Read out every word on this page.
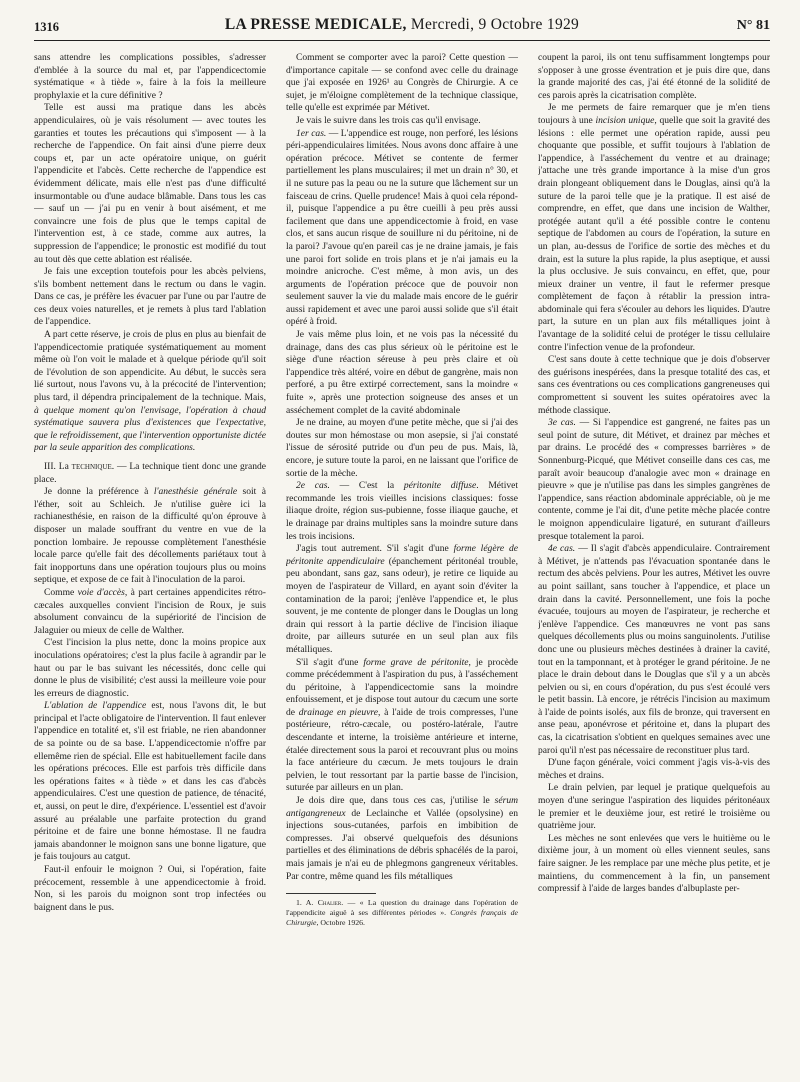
1316	LA PRESSE MEDICALE, Mercredi, 9 Octobre 1929	N° 81

sans attendre les complications possibles, s'adresser d'emblée à la source du mal et, par l'appendicectomie systématique « à tiède », faire à la fois la meilleure prophylaxie et la cure définitive ?

Telle est aussi ma pratique dans les abcès appendiculaires, où je vais résolument — avec toutes les garanties et toutes les précautions qui s'imposent — à la recherche de l'appendice. On fait ainsi d'une pierre deux coups et, par un acte opératoire unique, on guérit l'appendicite et l'abcès. Cette recherche de l'appendice est évidemment délicate, mais elle n'est pas d'une difficulté insurmontable ou d'une audace blâmable. Dans tous les cas — sauf un — j'ai pu en venir à bout aisément, et me convaincre une fois de plus que le temps capital de l'intervention est, à ce stade, comme aux autres, la suppression de l'appendice; le pronostic est modifié du tout au tout dès que cette ablation est réalisée.

Je fais une exception toutefois pour les abcès pelviens, s'ils bombent nettement dans le rectum ou dans le vagin. Dans ce cas, je préfère les évacuer par l'une ou par l'autre de ces deux voies naturelles, et je remets à plus tard l'ablation de l'appendice.

A part cette réserve, je crois de plus en plus au bienfait de l'appendicectomie pratiquée systématiquement au moment même où l'on voit le malade et à quelque période qu'il soit de l'évolution de son appendicite. Au début, le succès sera lié surtout, nous l'avons vu, à la précocité de l'intervention; plus tard, il dépendra principalement de la technique. Mais, à quelque moment qu'on l'envisage, l'opération à chaud systématique sauvera plus d'existences que l'expectative, que le refroidissement, que l'intervention opportuniste dictée par la seule apparition des complications.

III. La technique. — La technique tient donc une grande place.

Je donne la préférence à l'anesthésie générale soit à l'éther, soit au Schleich. Je n'utilise guère ici la rachianesthésie, en raison de la difficulté qu'on éprouve à disposer un malade souffrant du ventre en vue de la ponction lombaire. Je repousse complètement l'anesthésie locale parce qu'elle fait des décollements pariétaux tout à fait inopportuns dans une opération toujours plus ou moins septique, et expose de ce fait à l'inoculation de la paroi.

Comme voie d'accès, à part certaines appendicites rétro-cæcales auxquelles convient l'incision de Roux, je suis absolument convaincu de la supériorité de l'incision de Jalaguier ou mieux de celle de Walther.

C'est l'incision la plus nette, donc la moins propice aux inoculations opératoires; c'est la plus facile à agrandir par le haut ou par le bas suivant les nécessités, donc celle qui donne le plus de visibilité; c'est aussi la meilleure voie pour les erreurs de diagnostic.

L'ablation de l'appendice est, nous l'avons dit, le but principal et l'acte obligatoire de l'intervention. Il faut enlever l'appendice en totalité et, s'il est friable, ne rien abandonner de sa pointe ou de sa base. L'appendicectomie n'offre par ellemême rien de spécial. Elle est habituellement facile dans les opérations précoces. Elle est parfois très difficile dans les opérations faites « à tiède » et dans les cas d'abcès appendiculaires. C'est une question de patience, de ténacité, et, aussi, on peut le dire, d'expérience. L'essentiel est d'avoir assuré au préalable une parfaite protection du grand péritoine et de faire une bonne hémostase. Il ne faudra jamais abandonner le moignon sans une bonne ligature, que je fais toujours au catgut.

Faut-il enfouir le moignon ? Oui, si l'opération, faite précocement, ressemble à une appendicectomie à froid. Non, si les parois du moignon sont trop infectées ou baignent dans le pus.

Comment se comporter avec la paroi? Cette question — d'importance capitale — se confond avec celle du drainage que j'ai exposée en 1926¹ au Congrès de Chirurgie. A ce sujet, je m'éloigne complètement de la technique classique, telle qu'elle est exprimée par Métivet.

Je vais le suivre dans les trois cas qu'il envisage.

1er cas. — L'appendice est rouge, non perforé, les lésions péri-appendiculaires limitées. Nous avons donc affaire à une opération précoce. Métivet se contente de fermer partiellement les plans musculaires; il met un drain n° 30, et il ne suture pas la peau ou ne la suture que lâchement sur un faisceau de crins. Quelle prudence! Mais à quoi cela répond-il, puisque l'appendice a pu être cueilli à peu près aussi facilement que dans une appendicectomie à froid, en vase clos, et sans aucun risque de souillure ni du péritoine, ni de la paroi? J'avoue qu'en pareil cas je ne draine jamais, je fais une paroi fort solide en trois plans et je n'ai jamais eu la moindre anicroche. C'est même, à mon avis, un des arguments de l'opération précoce que de pouvoir non seulement sauver la vie du malade mais encore de le guérir aussi rapidement et avec une paroi aussi solide que s'il était opéré à froid.

Je vais même plus loin, et ne vois pas la nécessité du drainage, dans des cas plus sérieux où le péritoine est le siège d'une réaction séreuse à peu près claire et où l'appendice très altéré, voire en début de gangrène, mais non perforé, a pu être extirpé correctement, sans la moindre « fuite », après une protection soigneuse des anses et un asséchement complet de la cavité abdominale

Je ne draine, au moyen d'une petite mèche, que si j'ai des doutes sur mon hémostase ou mon asepsie, si j'ai constaté l'issue de sérosité putride ou d'un peu de pus. Mais, là, encore, je suture toute la paroi, en ne laissant que l'orifice de sortie de la mèche.

2e cas. — C'est la péritonite diffuse. Métivet recommande les trois vieilles incisions classiques: fosse iliaque droite, région sus-pubienne, fosse iliaque gauche, et le drainage par drains multiples sans la moindre suture dans les trois incisions.

J'agis tout autrement. S'il s'agit d'une forme légère de péritonite appendiculaire (épanchement péritonéal trouble, peu abondant, sans gaz, sans odeur), je retire ce liquide au moyen de l'aspirateur de Villard, en ayant soin d'éviter la contamination de la paroi; j'enlève l'appendice et, le plus souvent, je me contente de plonger dans le Douglas un long drain qui ressort à la partie déclive de l'incision iliaque droite, par ailleurs suturée en un seul plan aux fils métalliques.

S'il s'agit d'une forme grave de péritonite, je procède comme précédemment à l'aspiration du pus, à l'asséchement du péritoine, à l'appendicectomie sans la moindre enfouissement, et je dispose tout autour du cæcum une sorte de drainage en pieuvre, à l'aide de trois compresses, l'une postérieure, rétro-cæcale, ou postéro-latérale, l'autre descendante et interne, la troisième antérieure et interne, étalée directement sous la paroi et recouvrant plus ou moins la face antérieure du cæcum. Je mets toujours le drain pelvien, le tout ressortant par la partie basse de l'incision, suturée par ailleurs en un plan.

Je dois dire que, dans tous ces cas, j'utilise le sérum antigangreneux de Leclainche et Vallée (opsolysine) en injections sous-cutanées, parfois en imbibition de compresses. J'ai observé quelquefois des désunions partielles et des éliminations de débris sphacélés de la paroi, mais jamais je n'ai eu de phlegmons gangreneux véritables. Par contre, même quand les fils métalliques

1. A. Chalier. — « La question du drainage dans l'opération de l'appendicite aiguë à ses différentes périodes ». Congrès français de Chirurgie, Octobre 1926.

coupent la paroi, ils ont tenu suffisamment longtemps pour s'opposer à une grosse éventration et je puis dire que, dans la grande majorité des cas, j'ai été étonné de la solidité de ces parois après la cicatrisation complète.

Je me permets de faire remarquer que je m'en tiens toujours à une incision unique, quelle que soit la gravité des lésions : elle permet une opération rapide, aussi peu choquante que possible, et suffit toujours à l'ablation de l'appendice, à l'asséchement du ventre et au drainage; j'attache une très grande importance à la mise d'un gros drain plongeant obliquement dans le Douglas, ainsi qu'à la suture de la paroi telle que je la pratique. Il est aisé de comprendre, en effet, que dans une incision de Walther, protégée autant qu'il a été possible contre le contenu septique de l'abdomen au cours de l'opération, la suture en un plan, au-dessus de l'orifice de sortie des mèches et du drain, est la suture la plus rapide, la plus aseptique, et aussi la plus occlusive. Je suis convaincu, en effet, que, pour mieux drainer un ventre, il faut le refermer presque complètement de façon à rétablir la pression intra-abdominale qui fera s'écouler au dehors les liquides. D'autre part, la suture en un plan aux fils métalliques joint à l'avantage de la solidité celui de protéger le tissu cellulaire contre l'infection venue de la profondeur.

C'est sans doute à cette technique que je dois d'observer des guérisons inespérées, dans la presque totalité des cas, et sans ces éventrations ou ces complications gangreneuses qui compromettent si souvent les suites opératoires avec la méthode classique.

3e cas. — Si l'appendice est gangrené, ne faites pas un seul point de suture, dit Métivet, et drainez par mèches et par drains. Le procédé des « compresses barrières » de Sonnenburg-Picqué, que Métivet conseille dans ces cas, me paraît avoir beaucoup d'analogie avec mon « drainage en pieuvre » que je n'utilise pas dans les simples gangrènes de l'appendice, sans réaction abdominale appréciable, où je me contente, comme je l'ai dit, d'une petite mèche placée contre le moignon appendiculaire ligaturé, en suturant d'ailleurs presque totalement la paroi.

4e cas. — Il s'agit d'abcès appendiculaire. Contrairement à Métivet, je n'attends pas l'évacuation spontanée dans le rectum des abcès pelviens. Pour les autres, Métivet les ouvre au point saillant, sans toucher à l'appendice, et place un drain dans la cavité. Personnellement, une fois la poche évacuée, toujours au moyen de l'aspirateur, je recherche et j'enlève l'appendice. Ces manœuvres ne vont pas sans quelques décollements plus ou moins sanguinolents. J'utilise donc une ou plusieurs mèches destinées à drainer la cavité, tout en la tamponnant, et à protéger le grand péritoine. Je ne place le drain debout dans le Douglas que s'il y a un abcès pelvien ou si, en cours d'opération, du pus s'est écoulé vers le petit bassin. Là encore, je rétrécis l'incision au maximum à l'aide de points isolés, aux fils de bronze, qui traversent en anse peau, aponévrose et péritoine et, dans la plupart des cas, la cicatrisation s'obtient en quelques semaines avec une paroi qu'il n'est pas nécessaire de reconstituer plus tard.

D'une façon générale, voici comment j'agis vis-à-vis des mèches et drains.

Le drain pelvien, par lequel je pratique quelquefois au moyen d'une seringue l'aspiration des liquides péritonéaux le premier et le deuxième jour, est retiré le troisième ou quatrième jour.

Les mèches ne sont enlevées que vers le huitième ou le dixième jour, à un moment où elles viennent seules, sans faire saigner. Je les remplace par une mèche plus petite, et je maintiens, du commencement à la fin, un pansement compressif à l'aide de larges bandes d'albuplaste per-
